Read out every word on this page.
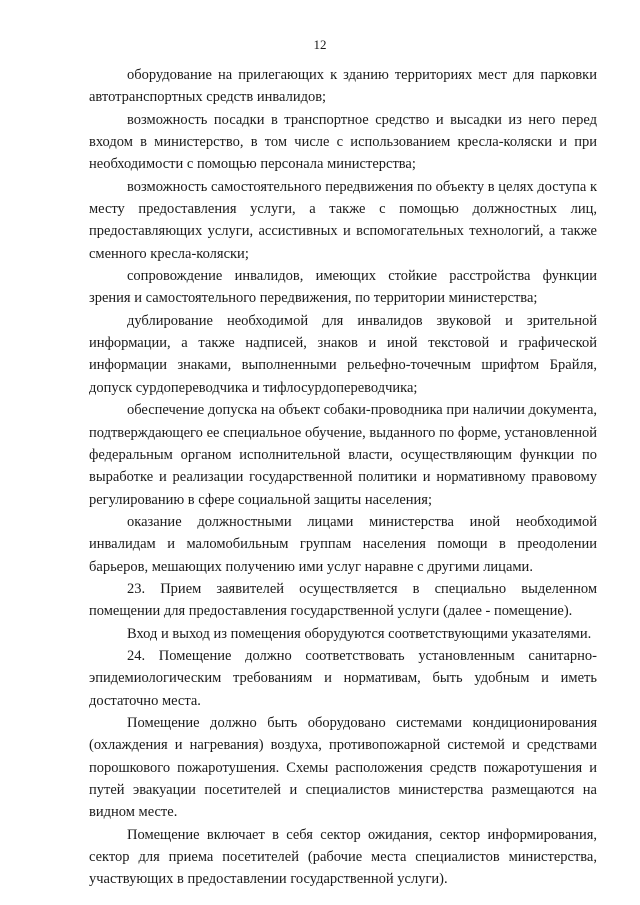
12

оборудование на прилегающих к зданию территориях мест для парковки автотранспортных средств инвалидов;

возможность посадки в транспортное средство и высадки из него перед входом в министерство, в том числе с использованием кресла-коляски и при необходимости с помощью персонала министерства;

возможность самостоятельного передвижения по объекту в целях доступа к месту предоставления услуги, а также с помощью должностных лиц, предоставляющих услуги, ассистивных и вспомогательных технологий, а также сменного кресла-коляски;

сопровождение инвалидов, имеющих стойкие расстройства функции зрения и самостоятельного передвижения, по территории министерства;

дублирование необходимой для инвалидов звуковой и зрительной информации, а также надписей, знаков и иной текстовой и графической информации знаками, выполненными рельефно-точечным шрифтом Брайля, допуск сурдопереводчика и тифлосурдопереводчика;

обеспечение допуска на объект собаки-проводника при наличии документа, подтверждающего ее специальное обучение, выданного по форме, установленной федеральным органом исполнительной власти, осуществляющим функции по выработке и реализации государственной политики и нормативному правовому регулированию в сфере социальной защиты населения;

оказание должностными лицами министерства иной необходимой инвалидам и маломобильным группам населения помощи в преодолении барьеров, мешающих получению ими услуг наравне с другими лицами.

23. Прием заявителей осуществляется в специально выделенном помещении для предоставления государственной услуги (далее - помещение).

Вход и выход из помещения оборудуются соответствующими указателями.

24. Помещение должно соответствовать установленным санитарно-эпидемиологическим требованиям и нормативам, быть удобным и иметь достаточно места.

Помещение должно быть оборудовано системами кондиционирования (охлаждения и нагревания) воздуха, противопожарной системой и средствами порошкового пожаротушения. Схемы расположения средств пожаротушения и путей эвакуации посетителей и специалистов министерства размещаются на видном месте.

Помещение включает в себя сектор ожидания, сектор информирования, сектор для приема посетителей (рабочие места специалистов министерства, участвующих в предоставлении государственной услуги).
